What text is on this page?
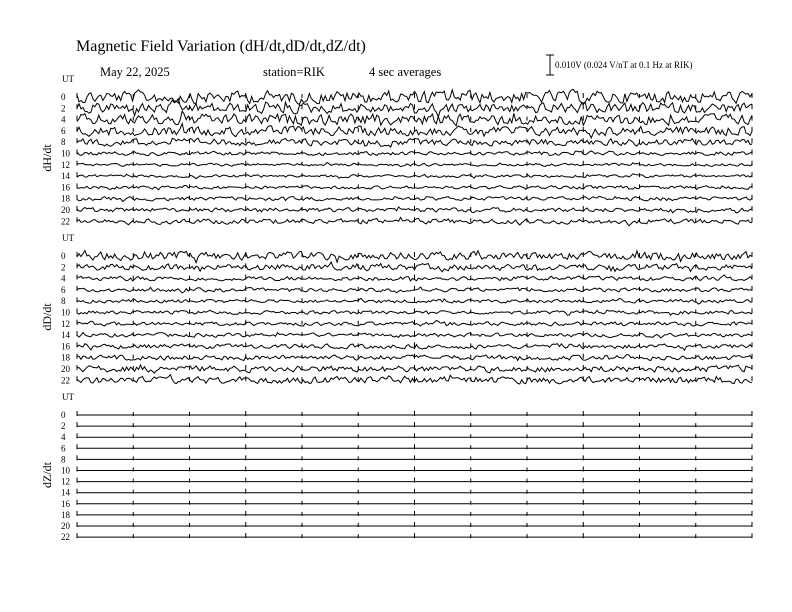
Magnetic Field Variation (dH/dt,dD/dt,dZ/dt)
May 22, 2025	station=RIK	4 sec averages	0.010V (0.024 V/nT at 0.1 Hz at RIK)
UT
dH/dt
0
2
4
6
8
10
12
14
16
18
20
22
UT
dD/dt
0
2
4
6
8
10
12
14
16
18
20
22
UT
dZ/dt
0
2
4
6
8
10
12
14
16
18
20
22
